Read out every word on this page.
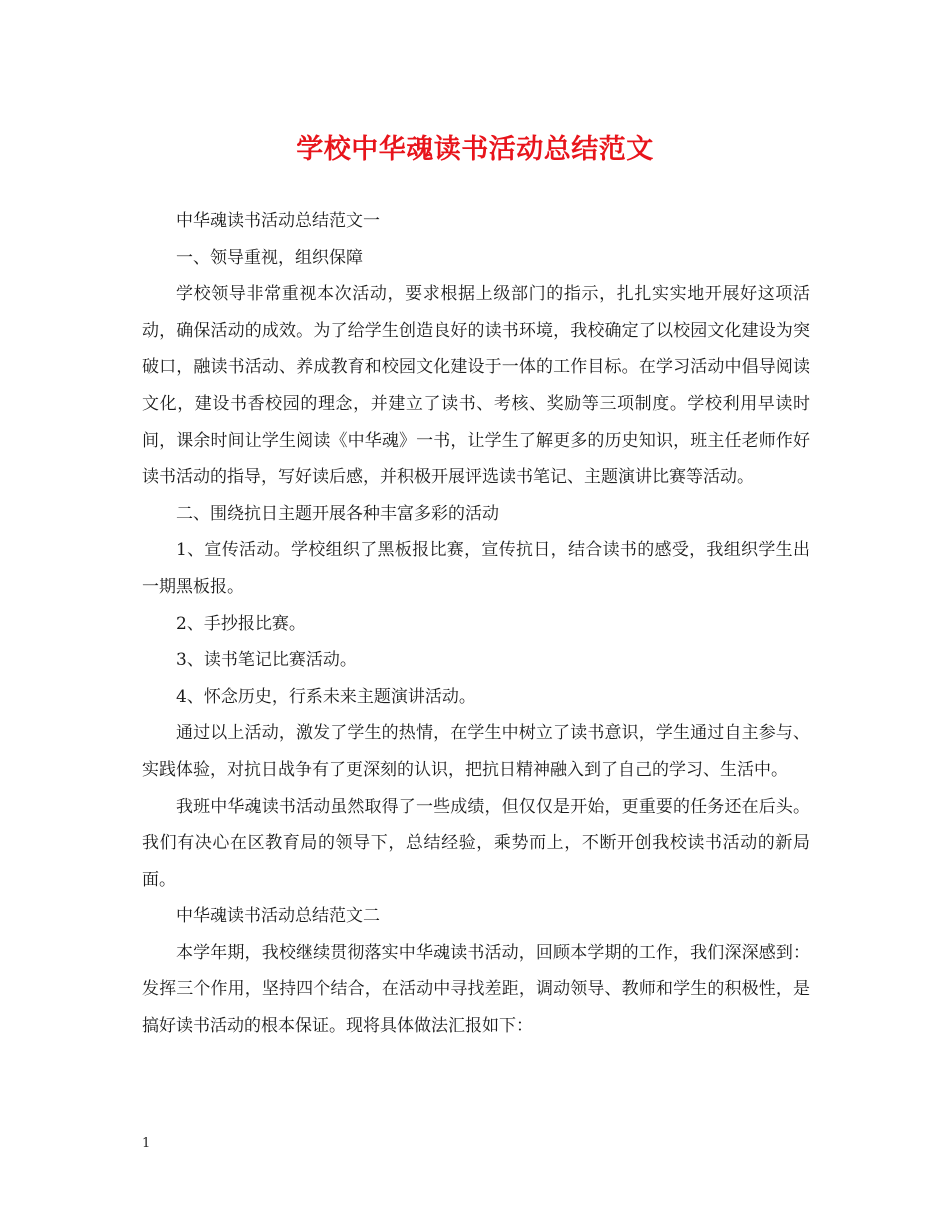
学校中华魂读书活动总结范文

中华魂读书活动总结范文一

一、领导重视，组织保障

学校领导非常重视本次活动，要求根据上级部门的指示，扎扎实实地开展好这项活动，确保活动的成效。为了给学生创造良好的读书环境，我校确定了以校园文化建设为突破口，融读书活动、养成教育和校园文化建设于一体的工作目标。在学习活动中倡导阅读文化，建设书香校园的理念，并建立了读书、考核、奖励等三项制度。学校利用早读时间，课余时间让学生阅读《中华魂》一书，让学生了解更多的历史知识，班主任老师作好读书活动的指导，写好读后感，并积极开展评选读书笔记、主题演讲比赛等活动。

二、围绕抗日主题开展各种丰富多彩的活动

1、宣传活动。学校组织了黑板报比赛，宣传抗日，结合读书的感受，我组织学生出一期黑板报。

2、手抄报比赛。

3、读书笔记比赛活动。

4、怀念历史，行系未来主题演讲活动。

通过以上活动，激发了学生的热情，在学生中树立了读书意识，学生通过自主参与、实践体验，对抗日战争有了更深刻的认识，把抗日精神融入到了自己的学习、生活中。

我班中华魂读书活动虽然取得了一些成绩，但仅仅是开始，更重要的任务还在后头。我们有决心在区教育局的领导下，总结经验，乘势而上，不断开创我校读书活动的新局面。

中华魂读书活动总结范文二

本学年期，我校继续贯彻落实中华魂读书活动，回顾本学期的工作，我们深深感到：发挥三个作用，坚持四个结合，在活动中寻找差距，调动领导、教师和学生的积极性，是搞好读书活动的根本保证。现将具体做法汇报如下：

1
